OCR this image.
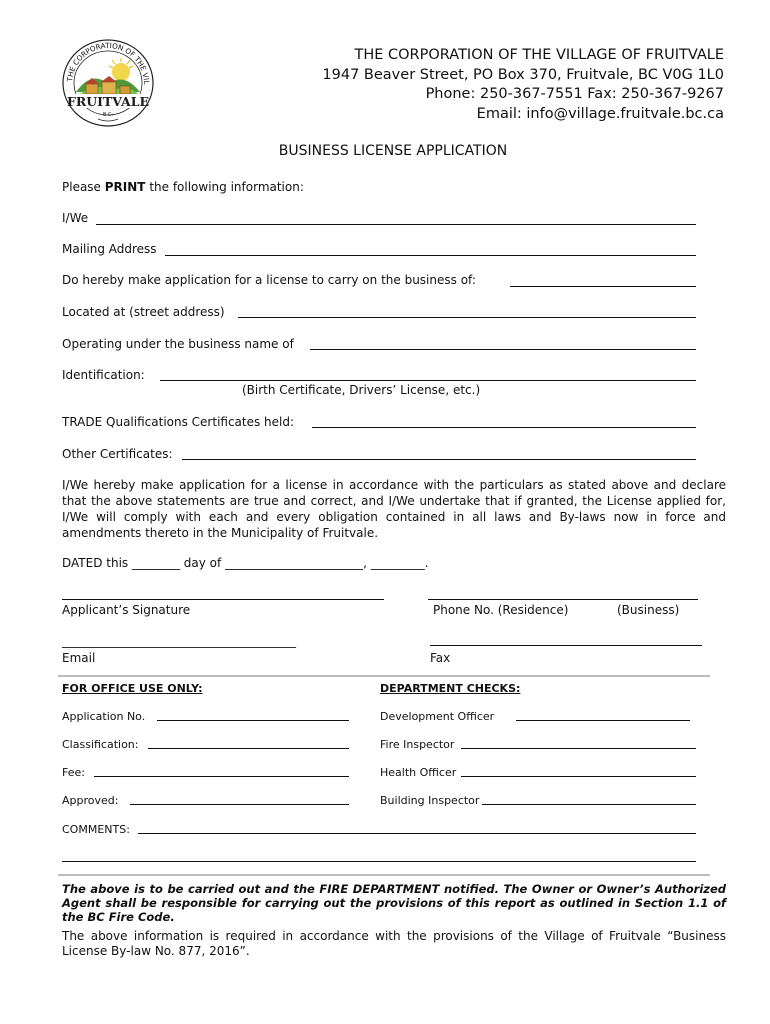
THE CORPORATION OF THE VIL
FRUITVALE
B.C.
THE CORPORATION OF THE VILLAGE OF FRUITVALE
1947 Beaver Street, PO Box 370, Fruitvale, BC V0G 1L0
Phone: 250-367-7551 Fax: 250-367-9267
Email: info@village.fruitvale.bc.ca
BUSINESS LICENSE APPLICATION
Please PRINT the following information:
I/We
Mailing Address
Do hereby make application for a license to carry on the business of:
Located at (street address)
Operating under the business name of
Identification:
(Birth Certificate, Drivers’ License, etc.)
TRADE Qualifications Certificates held:
Other Certificates:
I/We hereby make application for a license in accordance with the particulars as stated above and declare that the above statements are true and correct, and I/We undertake that if granted, the License applied for, I/We will comply with each and every obligation contained in all laws and By-laws now in force and amendments thereto in the Municipality of Fruitvale.
DATED this ________ day of _______________________, _________.
Applicant’s Signature	Phone No. (Residence)	(Business)
_______________________________________
Email	Fax
FOR OFFICE USE ONLY:	DEPARTMENT CHECKS:
Application No.	Development Officer
Classification:	Fire Inspector
Fee:	Health Officer
Approved:	Building Inspector
COMMENTS:
The above is to be carried out and the FIRE DEPARTMENT notified. The Owner or Owner’s Authorized Agent shall be responsible for carrying out the provisions of this report as outlined in Section 1.1 of the BC Fire Code.
The above information is required in accordance with the provisions of the Village of Fruitvale “Business License By-law No. 877, 2016”.
